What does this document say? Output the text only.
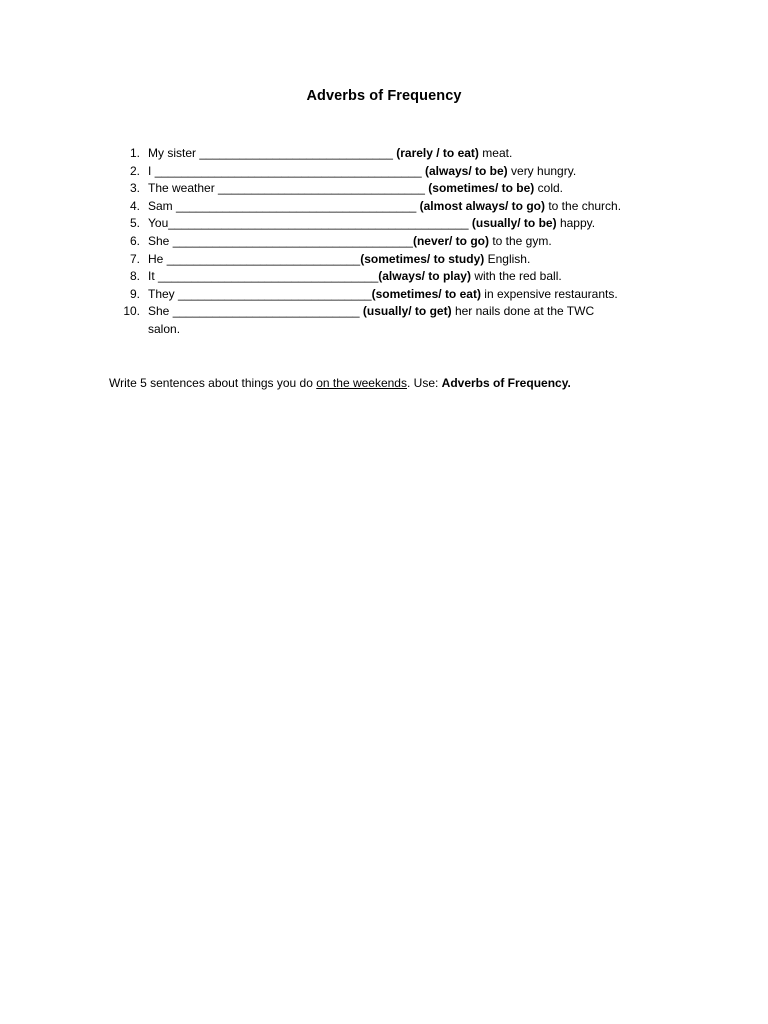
Adverbs of Frequency
1. My sister _____________________________ (rarely / to eat) meat.
2. I ________________________________________ (always/ to be) very hungry.
3. The weather _______________________________ (sometimes/ to be) cold.
4. Sam ____________________________________ (almost always/ to go) to the church.
5. You_____________________________________________ (usually/ to be) happy.
6. She ____________________________________(never/ to go) to the gym.
7. He _____________________________(sometimes/ to study) English.
8. It _________________________________(always/ to play) with the red ball.
9. They _____________________________(sometimes/ to eat) in expensive restaurants.
10. She ____________________________ (usually/ to get) her nails done at the TWC salon.
Write 5 sentences about things you do on the weekends. Use: Adverbs of Frequency.
